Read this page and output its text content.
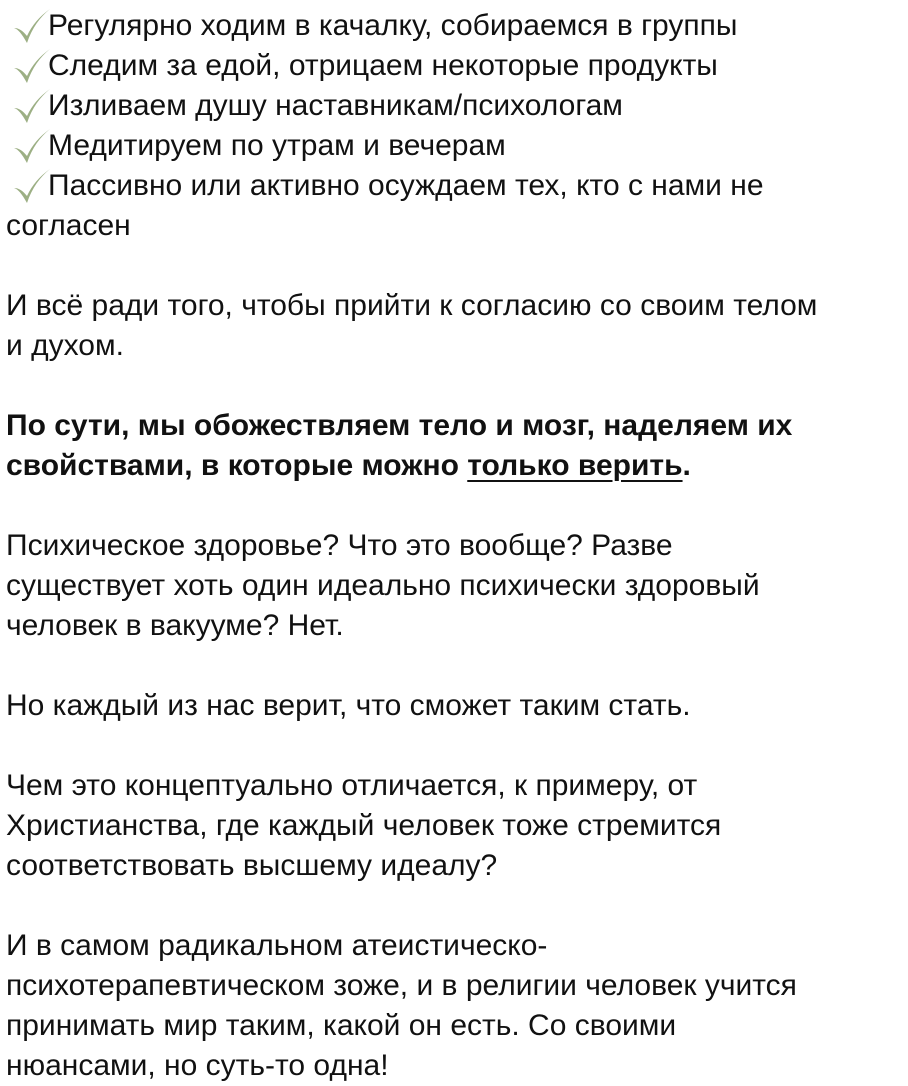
Регулярно ходим в качалку, собираемся в группы
Следим за едой, отрицаем некоторые продукты
Изливаем душу наставникам/психологам
Медитируем по утрам и вечерам
Пассивно или активно осуждаем тех, кто с нами не
согласен
И всё ради того, чтобы прийти к согласию со своим телом
и духом.
По сути, мы обожествляем тело и мозг, наделяем их
свойствами, в которые можно только верить.
Психическое здоровье? Что это вообще? Разве
существует хоть один идеально психически здоровый
человек в вакууме? Нет.
Но каждый из нас верит, что сможет таким стать.
Чем это концептуально отличается, к примеру, от
Христианства, где каждый человек тоже стремится
соответствовать высшему идеалу?
И в самом радикальном атеистическо-
психотерапевтическом зоже, и в религии человек учится
принимать мир таким, какой он есть. Со своими
нюансами, но суть-то одна!
